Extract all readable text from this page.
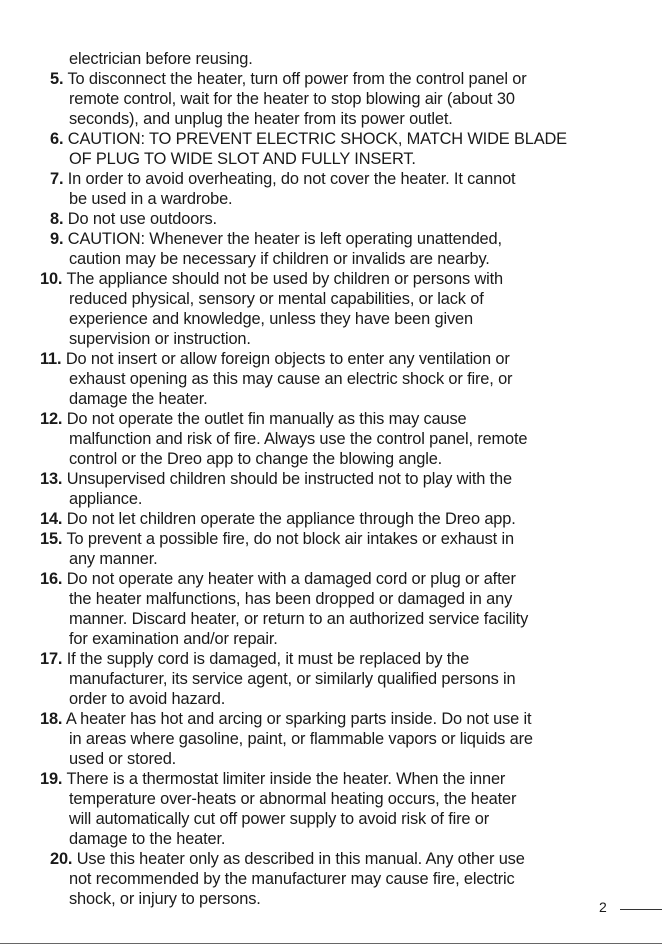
electrician before reusing.
5. To disconnect the heater, turn off power from the control panel or
remote control, wait for the heater to stop blowing air (about 30
seconds), and unplug the heater from its power outlet.
6. CAUTION: TO PREVENT ELECTRIC SHOCK, MATCH WIDE BLADE
OF PLUG TO WIDE SLOT AND FULLY INSERT.
7. In order to avoid overheating, do not cover the heater. It cannot
be used in a wardrobe.
8. Do not use outdoors.
9. CAUTION: Whenever the heater is left operating unattended,
caution may be necessary if children or invalids are nearby.
10. The appliance should not be used by children or persons with
reduced physical, sensory or mental capabilities, or lack of
experience and knowledge, unless they have been given
supervision or instruction.
11. Do not insert or allow foreign objects to enter any ventilation or
exhaust opening as this may cause an electric shock or fire, or
damage the heater.
12. Do not operate the outlet fin manually as this may cause
malfunction and risk of fire. Always use the control panel, remote
control or the Dreo app to change the blowing angle.
13. Unsupervised children should be instructed not to play with the
appliance.
14. Do not let children operate the appliance through the Dreo app.
15. To prevent a possible fire, do not block air intakes or exhaust in
any manner.
16. Do not operate any heater with a damaged cord or plug or after
the heater malfunctions, has been dropped or damaged in any
manner. Discard heater, or return to an authorized service facility
for examination and/or repair.
17. If the supply cord is damaged, it must be replaced by the
manufacturer, its service agent, or similarly qualified persons in
order to avoid hazard.
18. A heater has hot and arcing or sparking parts inside. Do not use it
in areas where gasoline, paint, or flammable vapors or liquids are
used or stored.
19. There is a thermostat limiter inside the heater. When the inner
temperature over-heats or abnormal heating occurs, the heater
will automatically cut off power supply to avoid risk of fire or
damage to the heater.
20. Use this heater only as described in this manual. Any other use
not recommended by the manufacturer may cause fire, electric
shock, or injury to persons.	2
